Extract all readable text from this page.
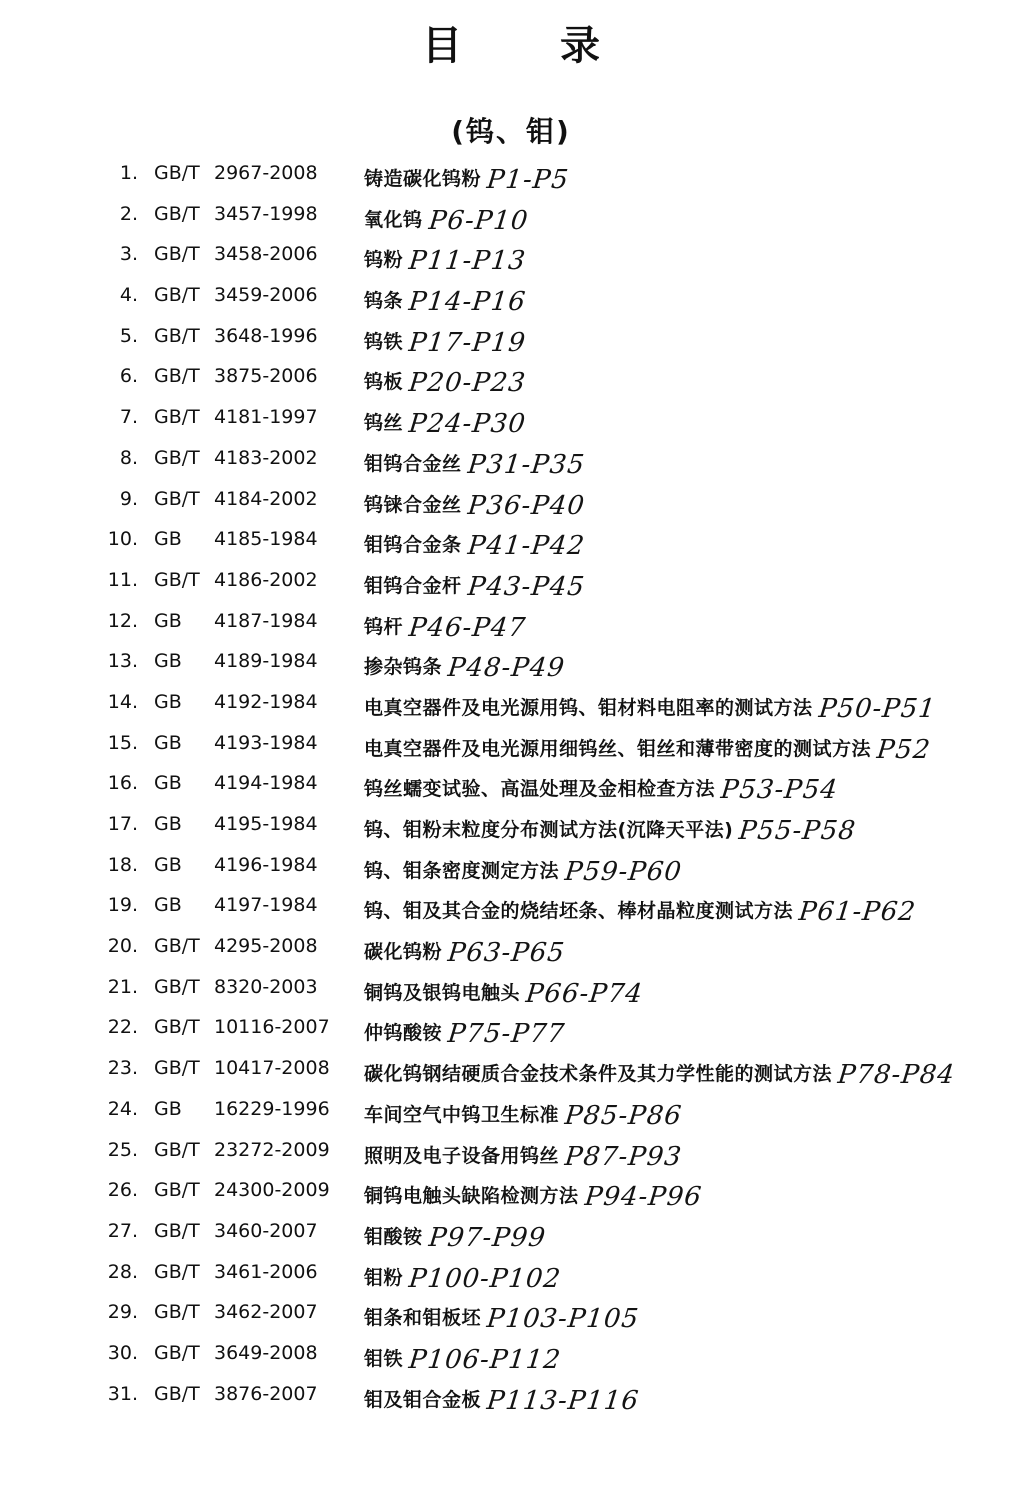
目 录
(钨、钼)
1. GB/T 2967-2008 铸造碳化钨粉 P1-P5
2. GB/T 3457-1998 氧化钨 P6-P10
3. GB/T 3458-2006 钨粉 P11-P13
4. GB/T 3459-2006 钨条 P14-P16
5. GB/T 3648-1996 钨铁 P17-P19
6. GB/T 3875-2006 钨板 P20-P23
7. GB/T 4181-1997 钨丝 P24-P30
8. GB/T 4183-2002 钼钨合金丝 P31-P35
9. GB/T 4184-2002 钨铼合金丝 P36-P40
10. GB 4185-1984 钼钨合金条 P41-P42
11. GB/T 4186-2002 钼钨合金杆 P43-P45
12. GB 4187-1984 钨杆 P46-P47
13. GB 4189-1984 掺杂钨条 P48-P49
14. GB 4192-1984 电真空器件及电光源用钨、钼材料电阻率的测试方法 P50-P51
15. GB 4193-1984 电真空器件及电光源用细钨丝、钼丝和薄带密度的测试方法 P52
16. GB 4194-1984 钨丝蠕变试验、高温处理及金相检查方法 P53-P54
17. GB 4195-1984 钨、钼粉末粒度分布测试方法(沉降天平法) P55-P58
18. GB 4196-1984 钨、钼条密度测定方法 P59-P60
19. GB 4197-1984 钨、钼及其合金的烧结坯条、棒材晶粒度测试方法 P61-P62
20. GB/T 4295-2008 碳化钨粉 P63-P65
21. GB/T 8320-2003 铜钨及银钨电触头 P66-P74
22. GB/T 10116-2007 仲钨酸铵 P75-P77
23. GB/T 10417-2008 碳化钨钢结硬质合金技术条件及其力学性能的测试方法 P78-P84
24. GB 16229-1996 车间空气中钨卫生标准 P85-P86
25. GB/T 23272-2009 照明及电子设备用钨丝 P87-P93
26. GB/T 24300-2009 铜钨电触头缺陷检测方法 P94-P96
27. GB/T 3460-2007 钼酸铵 P97-P99
28. GB/T 3461-2006 钼粉 P100-P102
29. GB/T 3462-2007 钼条和钼板坯 P103-P105
30. GB/T 3649-2008 钼铁 P106-P112
31. GB/T 3876-2007 钼及钼合金板 P113-P116
